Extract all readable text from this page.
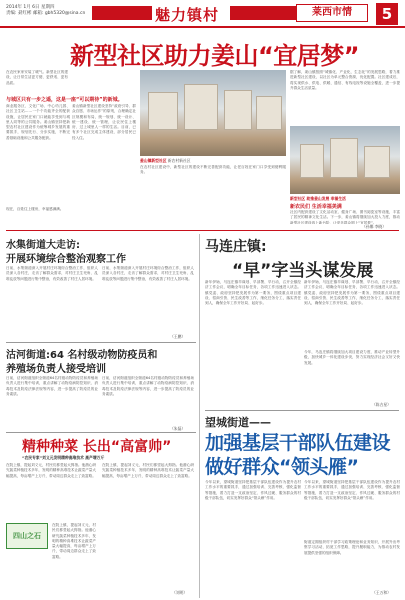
2014年 1月 6日 星期四
责编: 聂红彬 邮箱: gbh5320@sina.cn	魅力镇村	莱西市情	5
新型社区助力姜山“宜居梦”
在农民家家安装了暖气。新型社区的建设，让日常生活更方便、更舒适、更有品质。
与城区只有一步之遥，这是一座“可以期待”的新城。
商业服务区、文化广场、中心幼儿园、社区卫生站……一个个功能齐全的配套设施，让居民在家门口就能享受到与城里人同等的公共服务。姜山镇坚持把新型农村社区建设作为统筹城乡发展的重要抓手，规划先行、分步实施，不断完善基础设施和公共服务配套。
姜山镇新型社区建设坚持“政府引导、群众自愿、市场运作”的原则，合理确定社区规模和布局，统一规划、统一设计、统一建设、统一管理，让农民住上楼房、过上城里人一样的生活。目前，已有多个社区完成主体建设，部分居民已经入住。
现在，百姓住上楼房，幸福感满满。
姜山镇新型社区 新农村新社区
在农村社区建设中，新型社区的建设不断完善配套功能，让老百姓在家门口享受到便利服务。
据了解，姜山镇按照“城镇化、产业化、生态化”的发展思路，着力推进新型社区建设，以社区为单元整合资源，优化配置。社区建成后，将实现供水、供电、供暖、通信、有线电视等设施全覆盖，进一步提升群众生活质量。
新型社区 助推姜山发展 幸福生活
新农民们 生活幸福美满
社区内配套建设了文化活动室、健身广场、图书阅览室等设施，丰富了居民的精神文化生活。下一步，姜山镇将继续加大投入力度，推动新型社区建设再上新台阶，让更多群众圆上“宜居梦”。
（孙娜 李晓）
水集街道大走访:
开展环境综合整治观察工作
日前，水集街道深入开展村庄环境综合整治工作，组织人员深入各村庄，走访了解群众需求，对村庄卫生死角、乱堆乱放等问题进行集中整治，有效改善了村庄人居环境。
日前，水集街道深入开展村庄环境综合整治工作，组织人员深入各村庄，走访了解群众需求，对村庄卫生死角、乱堆乱放等问题进行集中整治，有效改善了村庄人居环境。
（王鹏）
沽河街道:64 名村级动物防疫员和
养殖场负责人接受培训
日前，沽河街道组织全街道64名村级动物防疫员和养殖场负责人进行集中培训，重点讲解了动物疫病防控知识、消毒技术及防疫法律法规等内容，进一步提高了防疫员的业务素质。
日前，沽河街道组织全街道64名村级动物防疫员和养殖场负责人进行集中培训，重点讲解了动物疫病防控知识、消毒技术及防疫法律法规等内容，进一步提高了防疫员的业务素质。
（朱磊）
精种种菜 长出“高富帅”
“农民专家”刘义元发明精种高堆技术 高产增万斤
在院上镇，提起刘义元，村民们都竖起大拇指。他潜心研究蔬菜种植技术多年，发明的精种高堆技术让蔬菜产量大幅提高，每亩增产上万斤，带动周边群众走上了致富路。
在院上镇，提起刘义元，村民们都竖起大拇指。他潜心研究蔬菜种植技术多年，发明的精种高堆技术让蔬菜产量大幅提高，每亩增产上万斤，带动周边群众走上了致富路。
四山之石
在院上镇，提起刘义元，村民们都竖起大拇指。他潜心研究蔬菜种植技术多年，发明的精种高堆技术让蔬菜产量大幅提高，每亩增产上万斤，带动周边群众走上了致富路。
（刘明）
马连庄镇:
“早”字当头谋发展
新年伊始，马连庄镇早谋划、早部署、早行动，召开全镇经济工作会议，明确全年目标任务，各项工作迅速进入状态。镇党委、政府坚持把发展作为第一要务，围绕重点项目建设、招商引资、民生改善等工作，细化任务分工，落实责任到人，确保全年工作开好局、起好步。
新年伊始，马连庄镇早谋划、早部署、早行动，召开全镇经济工作会议，明确全年目标任务，各项工作迅速进入状态。镇党委、政府坚持把发展作为第一要务，围绕重点项目建设、招商引资、民生改善等工作，细化任务分工，落实责任到人，确保全年工作开好局、起好步。
今年，马连庄镇将继续加大项目建设力度，推动产业转型升级，加快城乡一体化建设步伐，努力实现经济社会又好又快发展。
（陈吉星）
望城街道——
加强基层干部队伍建设
做好群众“领头雁”
今年以来，望城街道坚持把基层干部队伍建设作为提升农村工作水平的重要抓手，通过加强培训、完善考核、强化监督等措施，着力打造一支政治坚定、作风过硬、服务群众的村级干部队伍，切实发挥好群众“领头雁”作用。
今年以来，望城街道坚持把基层干部队伍建设作为提升农村工作水平的重要抓手，通过加强培训、完善考核、强化监督等措施，着力打造一支政治坚定、作风过硬、服务群众的村级干部队伍，切实发挥好群众“领头雁”作用。
街道定期组织村干部学习政策理论和业务知识，开展外出考察学习活动，拓宽工作思路，提升履职能力，为推动农村发展提供坚强的组织保障。
（王万和）
